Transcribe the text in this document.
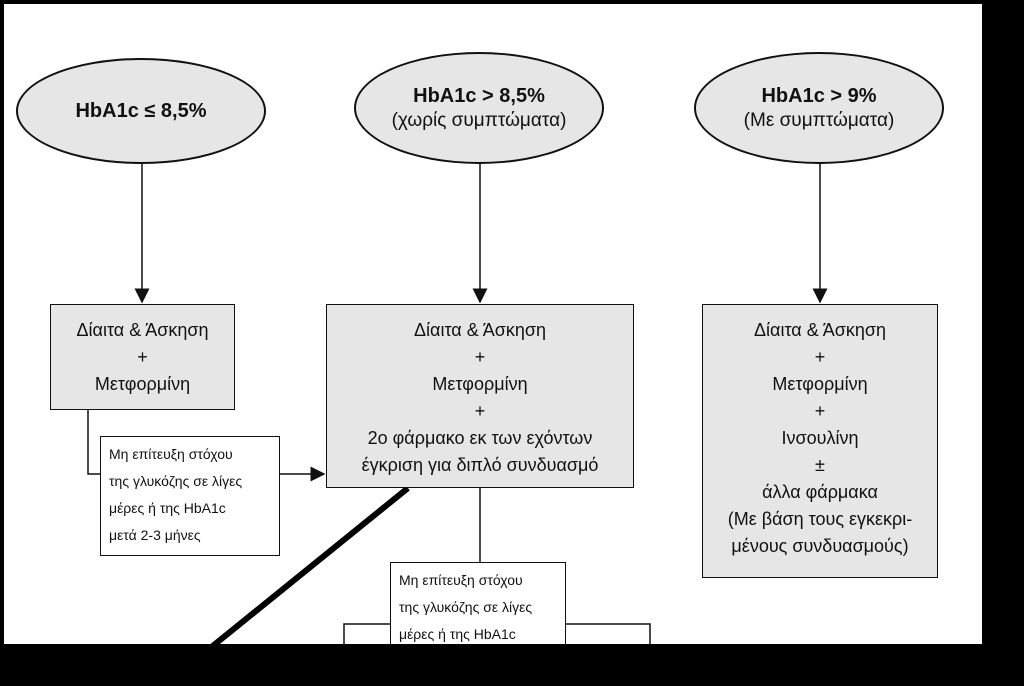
HbA1c ≤ 8,5%
HbA1c > 8,5%
(χωρίς συμπτώματα)
HbA1c > 9%
(Με συμπτώματα)
Δίαιτα & Άσκηση
+
Μετφορμίνη
Δίαιτα & Άσκηση
+
Μετφορμίνη
+
2ο φάρμακο εκ των εχόντων
έγκριση για διπλό συνδυασμό
Δίαιτα & Άσκηση
+
Μετφορμίνη
+
Ινσουλίνη
±
άλλα φάρμακα
(Με βάση τους εγκεκρι-
μένους συνδυασμούς)
Μη επίτευξη στόχου
της γλυκόζης σε λίγες
μέρες ή της HbA1c
μετά 2-3 μήνες
Μη επίτευξη στόχου
της γλυκόζης σε λίγες
μέρες ή της HbA1c
